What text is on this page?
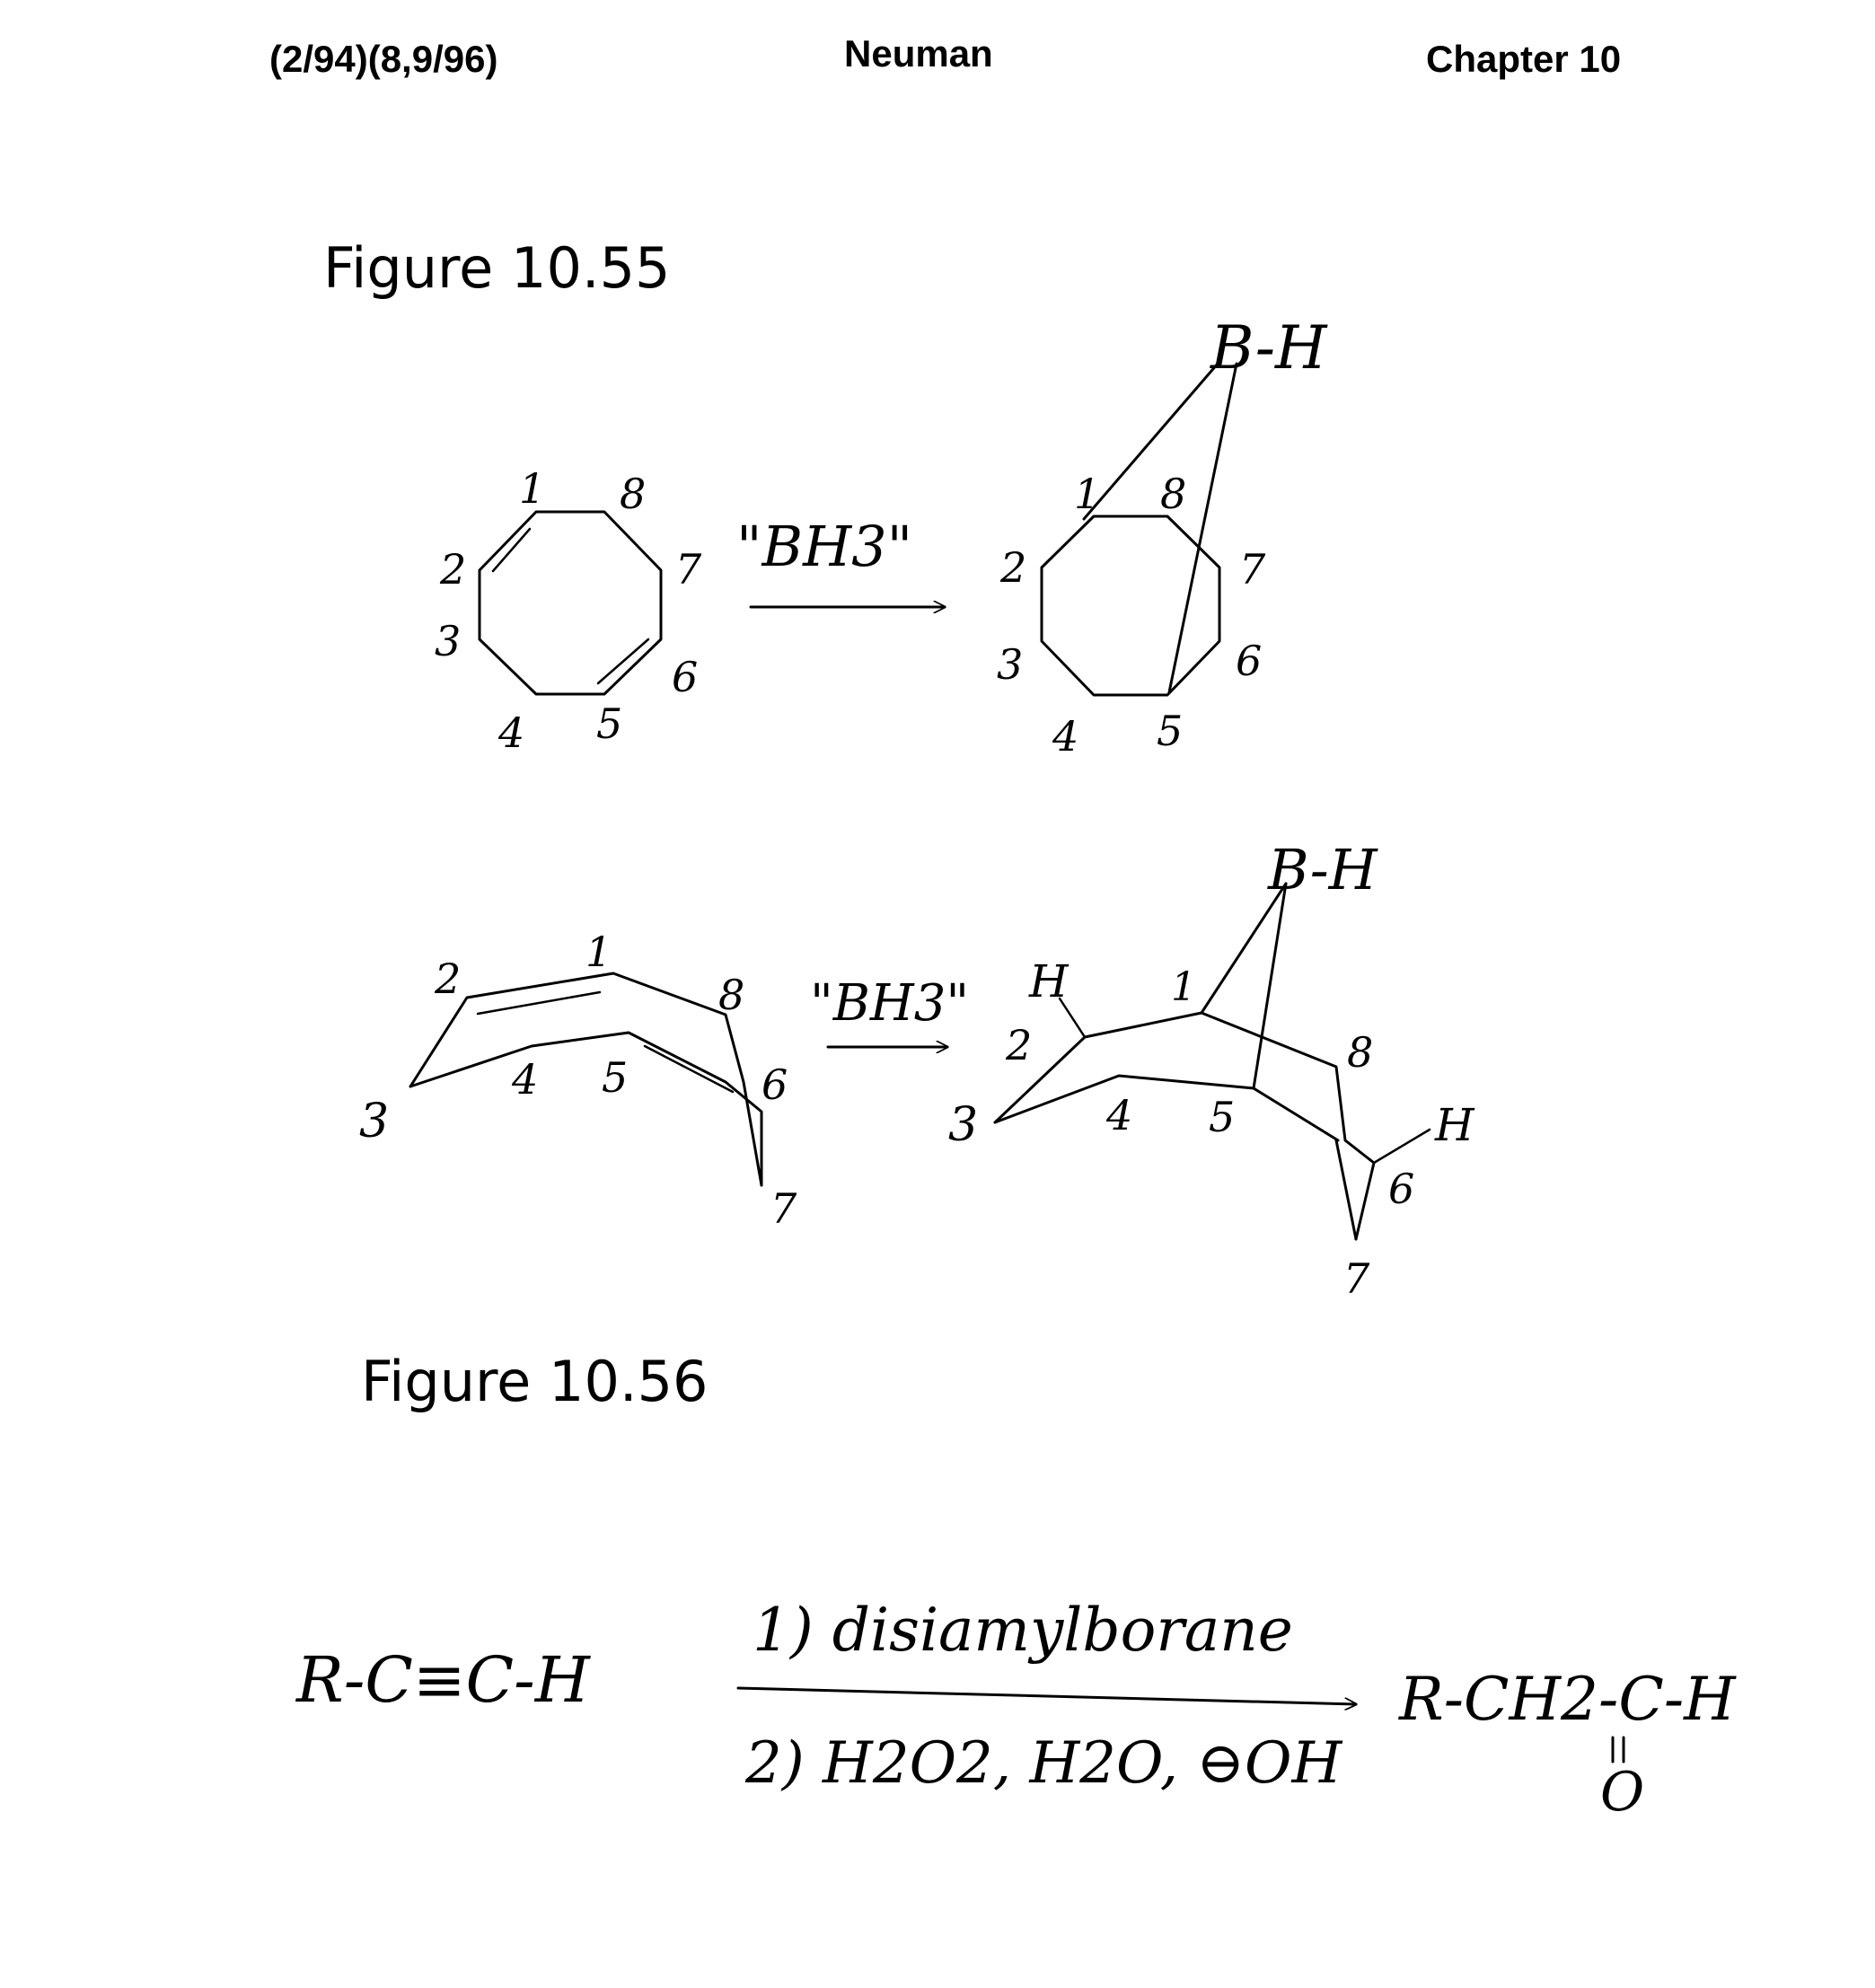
(2/94)(8,9/96)	Neuman	Chapter 10
Figure 10.55
Figure 10.56
1 8
2	7
3
6
4 5
"BH3"
B-H
1 8
2	7
3	6
4 5
2
1
8
3
4 5	6
7
"BH3"
B-H
H
H
1
2
3	4 5
6
7
8
R-C≡C-H
1) disiamylborane
2) H2O2, H2O, ⊖OH
R-CH2-C-H
O
